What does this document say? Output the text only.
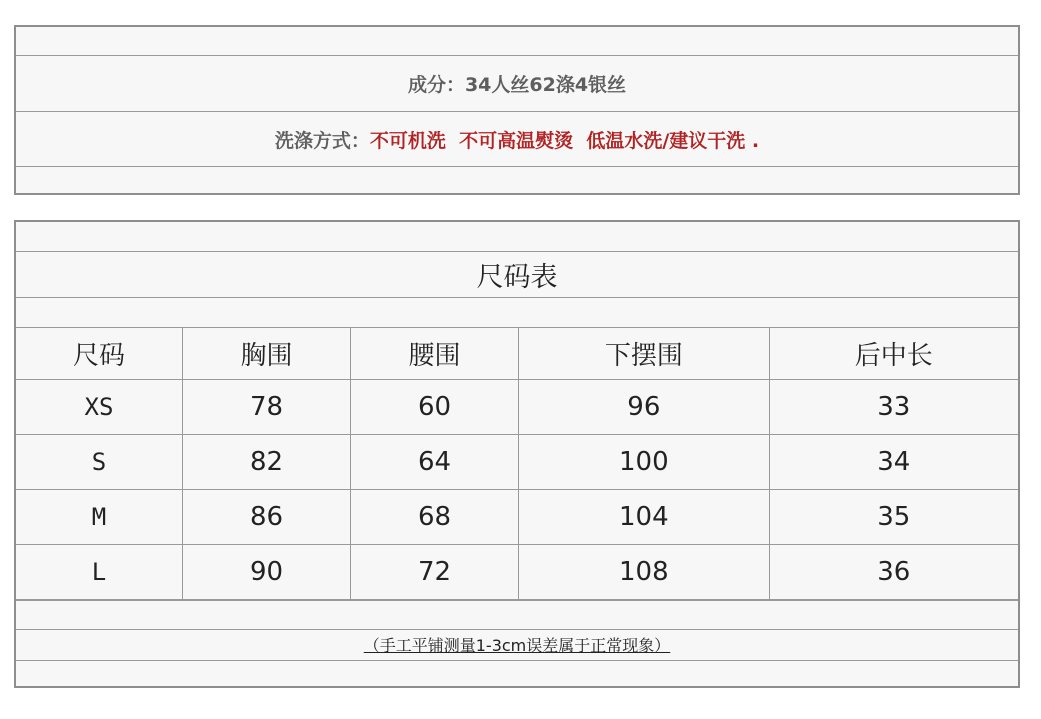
成分：34人丝62涤4银丝
洗涤方式： 不可机洗  不可高温熨烫  低温水洗/建议干洗 .
尺码表
尺码	胸围	腰围	下摆围	后中长
XS	78	60	96	33
S	82	64	100	34
M	86	68	104	35
L	90	72	108	36
（手工平铺测量1-3cm误差属于正常现象）
